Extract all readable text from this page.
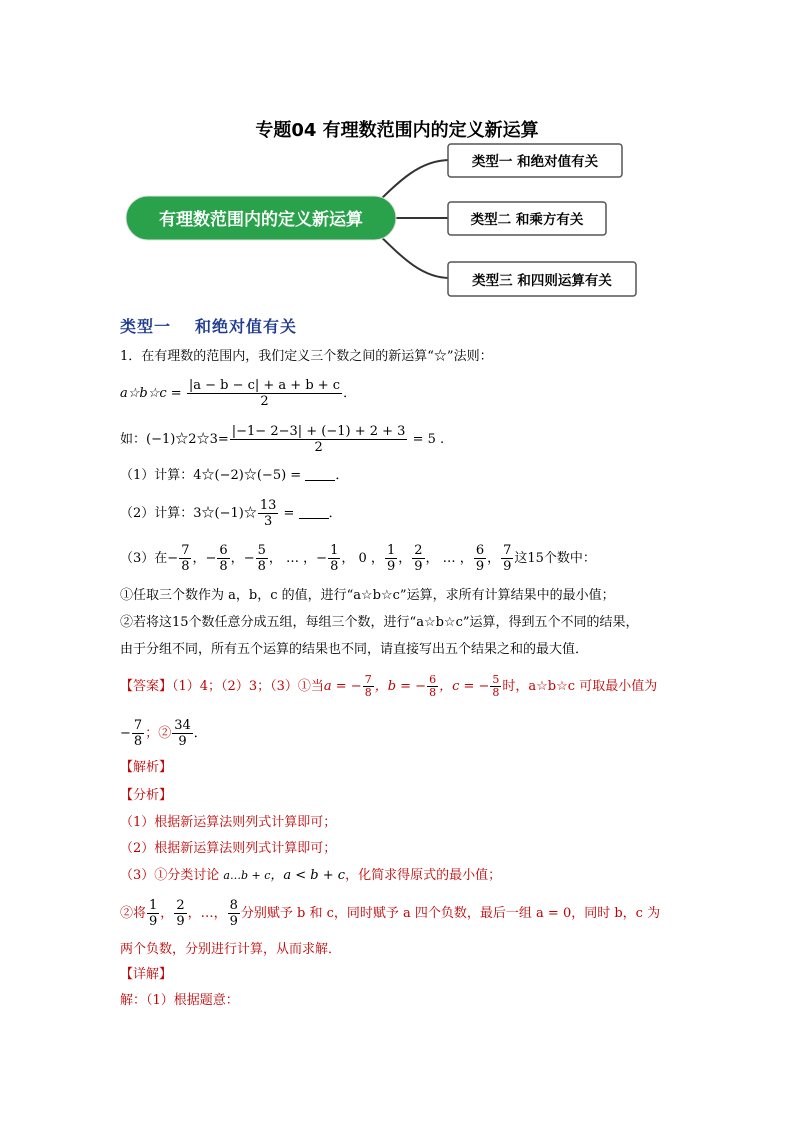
专题04 有理数范围内的定义新运算
有理数范围内的定义新运算
类型一 和绝对值有关
类型二 和乘方有关
类型三 和四则运算有关
类型一 和绝对值有关
1．在有理数的范围内，我们定义三个数之间的新运算“☆”法则：
a☆b☆c = $\frac{|a - b - c| + a + b + c}{2}$ ．
如：(−1)☆2☆3= $\frac{|-1- 2-3| + (-1) + 2 + 3}{2} = 5$ .
（1）计算：4☆(−2)☆(−5) = ．
（2）计算：3☆(−1)☆ $\frac{13}{3}$ = ．
（3）在− $\frac{7}{8}$ ，− $\frac{6}{8}$ ，− $\frac{5}{8}$ ， … ，− $\frac{1}{8}$ ， 0 ， $\frac{1}{9}$ ， $\frac{2}{9}$ ， … ， $\frac{6}{9}$ ， $\frac{7}{9}$ 这15个数中：
①任取三个数作为 a，b，c 的值，进行“a☆b☆c”运算，求所有计算结果中的最小值；
②若将这15个数任意分成五组，每组三个数，进行“a☆b☆c”运算，得到五个不同的结果，
由于分组不同，所有五个运算的结果也不同，请直接写出五个结果之和的最大值．
【答案】（1）4；（2）3；（3）①当a = − $\frac{7}{8}$ ，b = − $\frac{6}{8}$ ，c = − $\frac{5}{8}$ 时，a☆b☆c 可取最小值为
− $\frac{7}{8}$ ；② $\frac{34}{9}$ ．
【解析】
【分析】
（1）根据新运算法则列式计算即可；
（2）根据新运算法则列式计算即可；
（3）①分类讨论 a…b + c，a < b + c，化简求得原式的最小值；
②将 $\frac{1}{9}$ ， $\frac{2}{9}$ ，…， $\frac{8}{9}$ 分别赋予 b 和 c，同时赋予 a 四个负数，最后一组 a = 0，同时 b，c 为
两个负数，分别进行计算，从而求解．
【详解】
解：（1）根据题意：
